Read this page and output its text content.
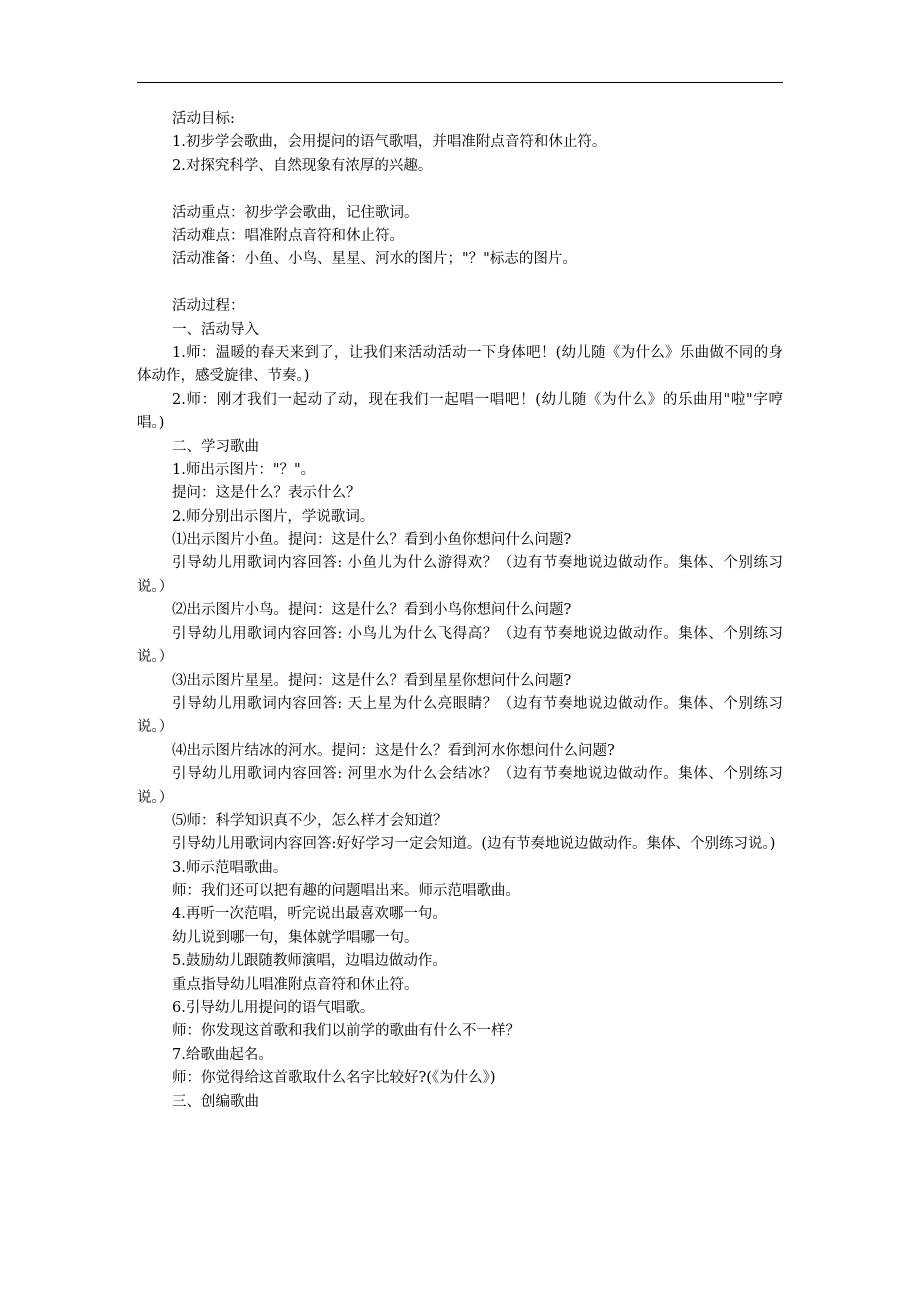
活动目标:
1.初步学会歌曲，会用提问的语气歌唱，并唱准附点音符和休止符。
2.对探究科学、自然现象有浓厚的兴趣。
活动重点：初步学会歌曲，记住歌词。
活动难点：唱准附点音符和休止符。
活动准备：小鱼、小鸟、星星、河水的图片；"？"标志的图片。
活动过程：
一、活动导入
1.师：温暖的春天来到了，让我们来活动活动一下身体吧！(幼儿随《为什么》乐曲做不同的身体动作，感受旋律、节奏。)
2.师：刚才我们一起动了动，现在我们一起唱一唱吧！(幼儿随《为什么》的乐曲用"啦"字哼唱。)
二、学习歌曲
1.师出示图片："？"。
提问：这是什么？表示什么？
2.师分别出示图片，学说歌词。
⑴出示图片小鱼。提问：这是什么？看到小鱼你想问什么问题?
引导幼儿用歌词内容回答: 小鱼儿为什么游得欢？（边有节奏地说边做动作。集体、个别练习说。）
⑵出示图片小鸟。提问：这是什么？看到小鸟你想问什么问题?
引导幼儿用歌词内容回答: 小鸟儿为什么飞得高？（边有节奏地说边做动作。集体、个别练习说。）
⑶出示图片星星。提问：这是什么？看到星星你想问什么问题?
引导幼儿用歌词内容回答: 天上星为什么亮眼睛？（边有节奏地说边做动作。集体、个别练习说。）
⑷出示图片结冰的河水。提问：这是什么？看到河水你想问什么问题?
引导幼儿用歌词内容回答: 河里水为什么会结冰？（边有节奏地说边做动作。集体、个别练习说。）
⑸师：科学知识真不少，怎么样才会知道？
引导幼儿用歌词内容回答:好好学习一定会知道。(边有节奏地说边做动作。集体、个别练习说。)
3.师示范唱歌曲。
师：我们还可以把有趣的问题唱出来。师示范唱歌曲。
4.再听一次范唱，听完说出最喜欢哪一句。
幼儿说到哪一句，集体就学唱哪一句。
5.鼓励幼儿跟随教师演唱，边唱边做动作。
重点指导幼儿唱准附点音符和休止符。
6.引导幼儿用提问的语气唱歌。
师：你发现这首歌和我们以前学的歌曲有什么不一样？
7.给歌曲起名。
师：你觉得给这首歌取什么名字比较好?(《为什么》)
三、创编歌曲
